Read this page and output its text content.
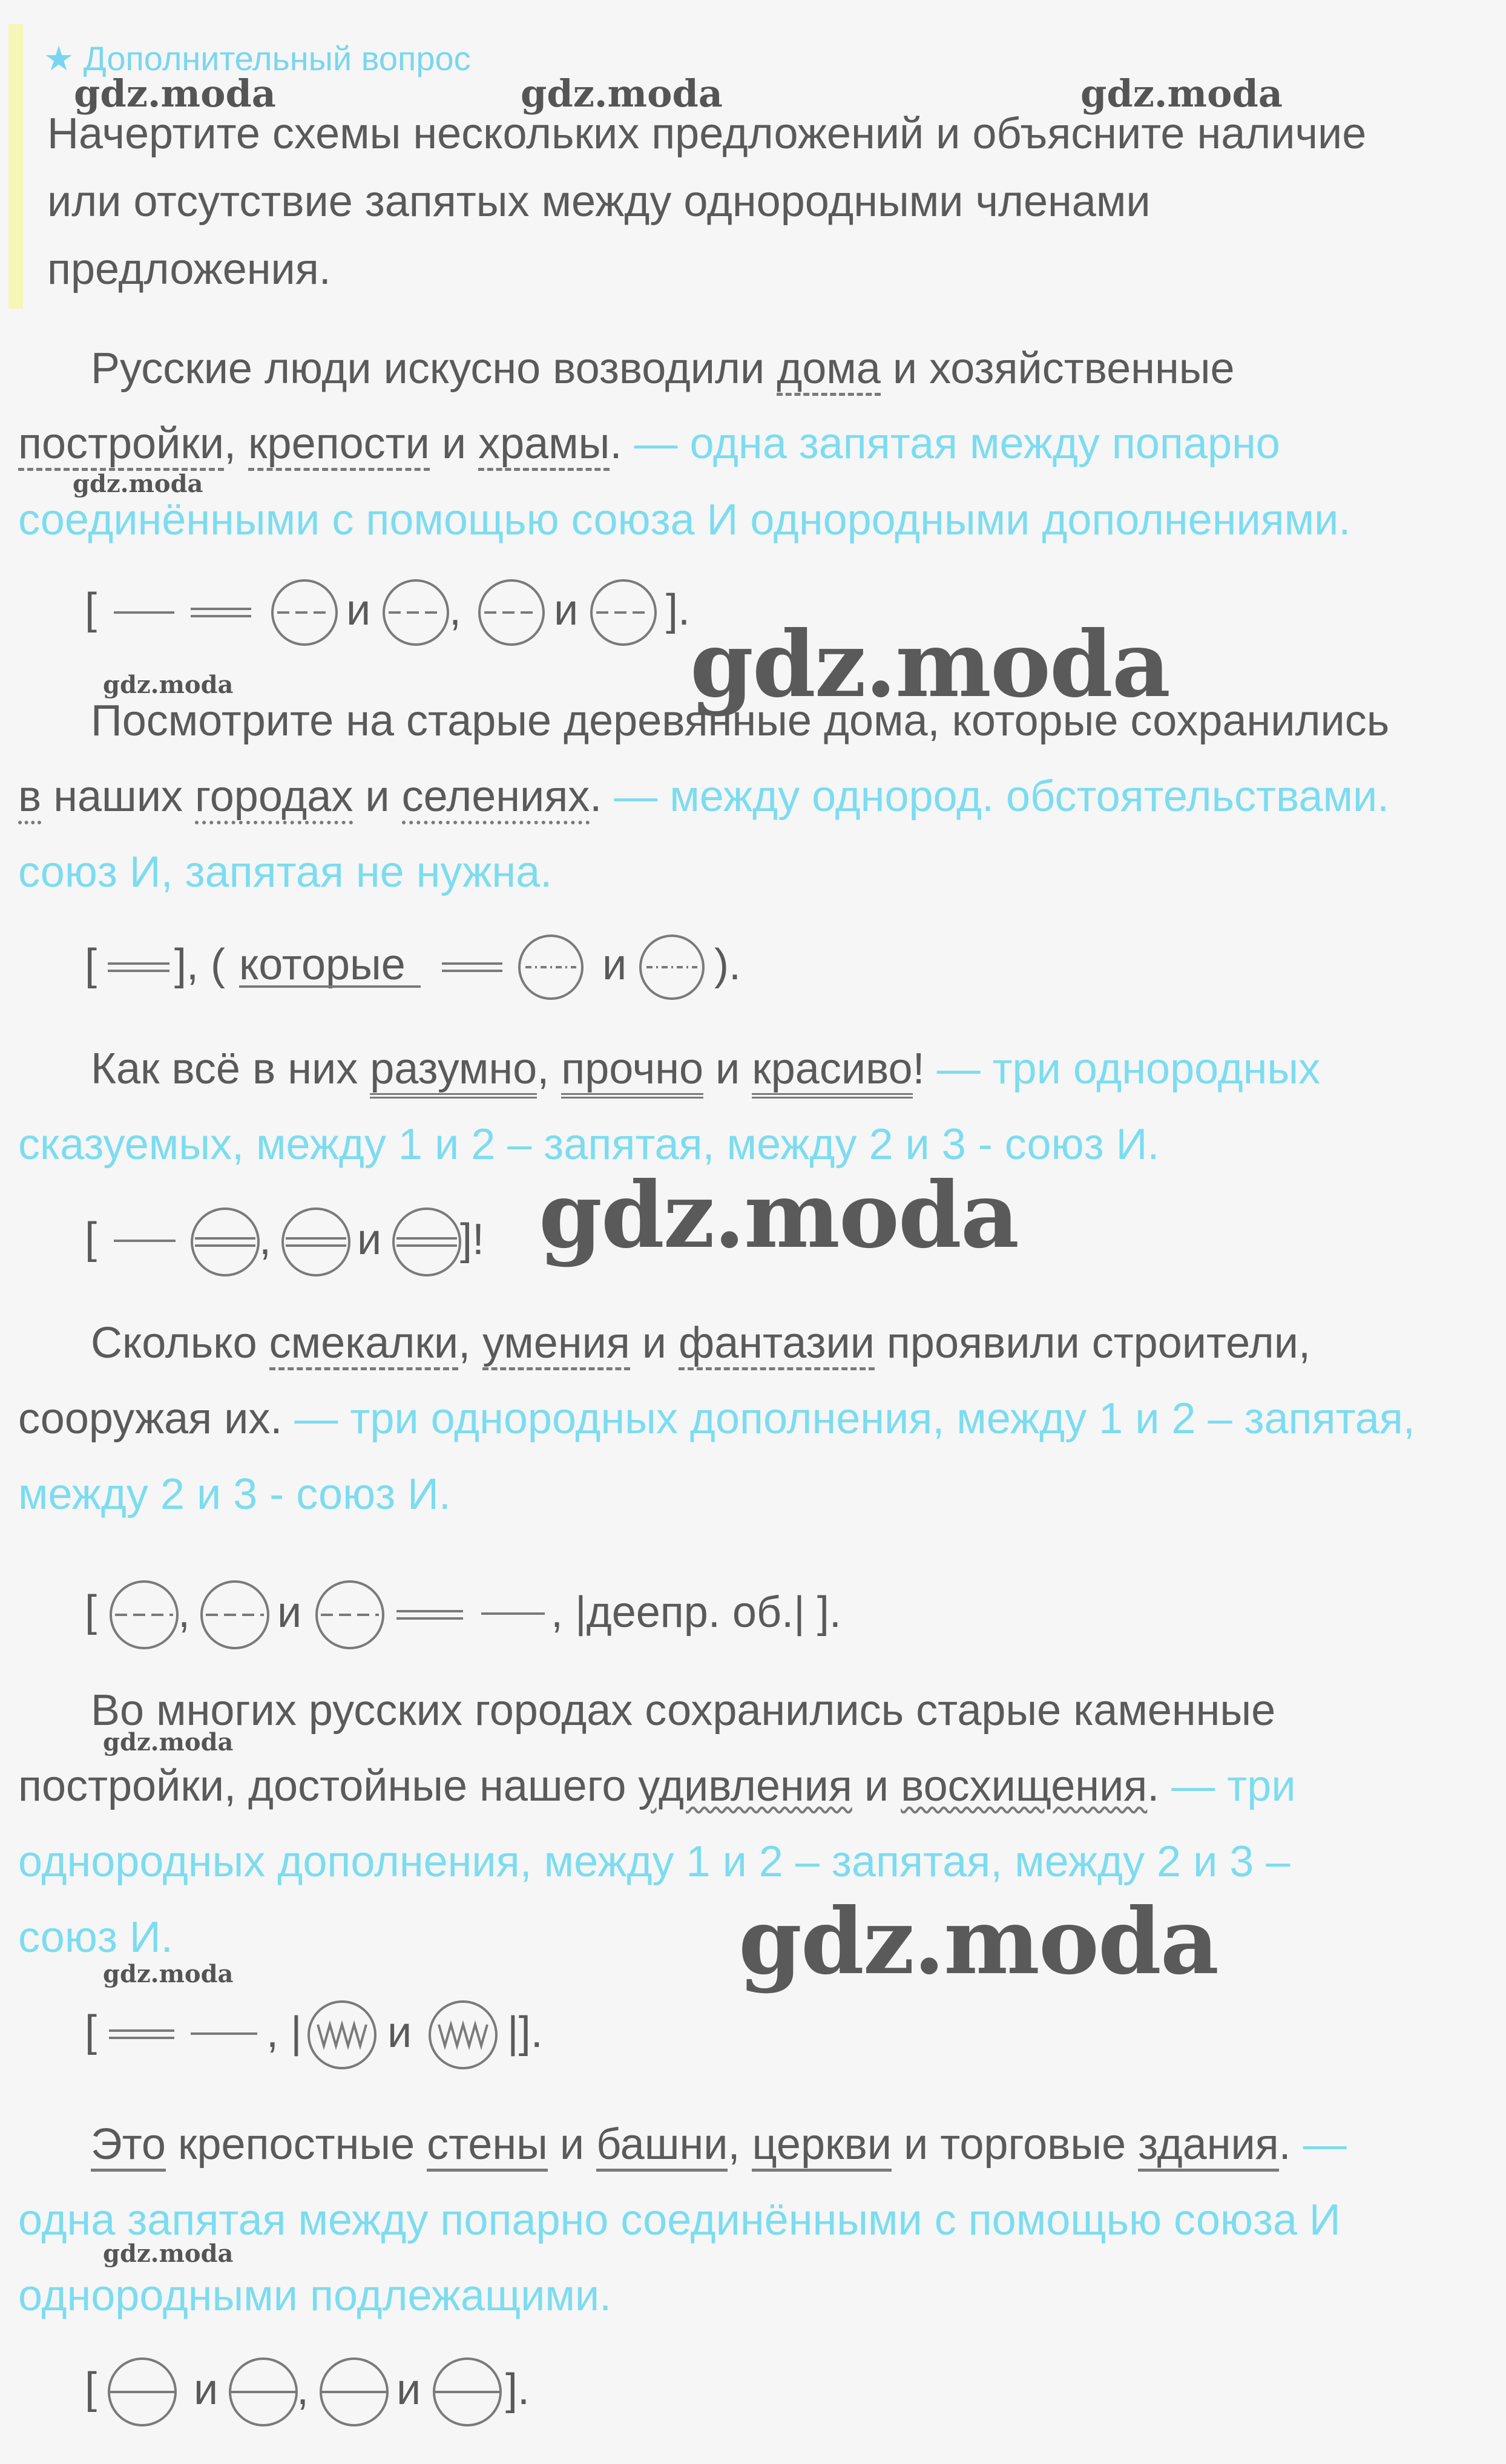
★ Дополнительный вопрос
Начертите схемы нескольких предложений и объясните наличие
или отсутствие запятых между однородными членами
предложения.
Русские люди искусно возводили дома и хозяйственные
постройки, крепости и храмы. — одна запятая между попарно
соединёнными с помощью союза И однородными дополнениями.
[	и , и ].
Посмотрите на старые деревянные дома, которые сохранились
в наших городах и селениях. — между однород. обстоятельствами.
союз И, запятая не нужна.
[ ], ( которые	и ).
Как всё в них разумно, прочно и красиво! — три однородных
сказуемых, между 1 и 2 – запятая, между 2 и 3 - союз И.
[	, и ]!
Сколько смекалки, умения и фантазии проявили строители,
сооружая их. — три однородных дополнения, между 1 и 2 – запятая,
между 2 и 3 - союз И.
[ , и	, |деепр. об.| ].
Во многих русских городах сохранились старые каменные
постройки, достойные нашего удивления и восхищения. — три
однородных дополнения, между 1 и 2 – запятая, между 2 и 3 –
союз И.
[	, | и |].
Это крепостные стены и башни, церкви и торговые здания. —
одна запятая между попарно соединёнными с помощью союза И
однородными подлежащими.
[ и , и ].
gdz.moda	gdz.moda	gdz.moda
gdz.moda
gdz.moda	gdz.moda
gdz.moda
gdz.moda
gdz.moda
gdz.moda
gdz.moda
